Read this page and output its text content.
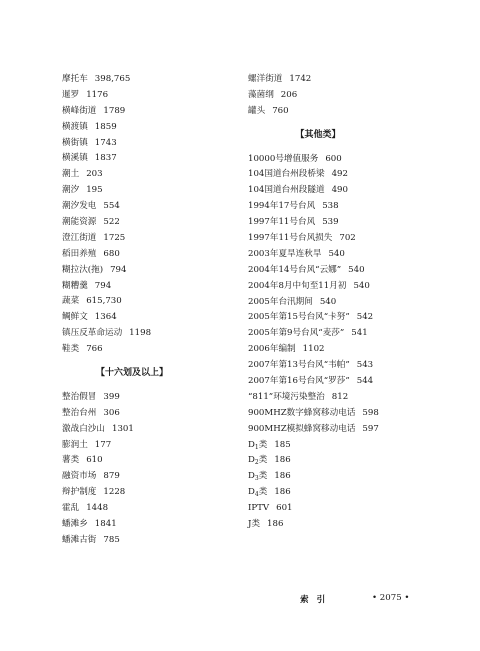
摩托车 398,765
暹罗 1176
横峰街道 1789
横渡镇 1859
横街镇 1743
横溪镇 1837
潮土 203
潮汐 195
潮汐发电 554
潮能资源 522
澄江街道 1725
稻田养殖 680
糊拉汏(拖) 794
糊糟羹 794
蔬菜 615,730
鲷鲜文 1364
镇压反革命运动 1198
鞋类 766
【十六划及以上】
整治假冒 399
整治台州 306
激战白沙山 1301
膨润土 177
薯类 610
融资市场 879
辩护制度 1228
霍乱 1448
蟠滩乡 1841
蟠滩古街 785
螺洋街道 1742
藻菌纲 206
罐头 760
【其他类】
10000号增值服务 600
104国道台州段桥梁 492
104国道台州段隧道 490
1994年17号台风 538
1997年11号台风 539
1997年11号台风损失 702
2003年夏旱连秋旱 540
2004年14号台风“云娜” 540
2004年8月中旬至11月初 540
2005年台汛期间 540
2005年第15号台风“卡努” 542
2005年第9号台风“麦莎” 541
2006年编制 1102
2007年第13号台风“韦帕” 543
2007年第16号台风“罗莎” 544
“811”环境污染整治 812
900MHZ数字蜂窝移动电话 598
900MHZ模拟蜂窝移动电话 597
$D_1$类 185
$D_2$类 186
$D_3$类 186
$D_4$类 186
IPTV 601
J类 186
索引	• 2075 •
